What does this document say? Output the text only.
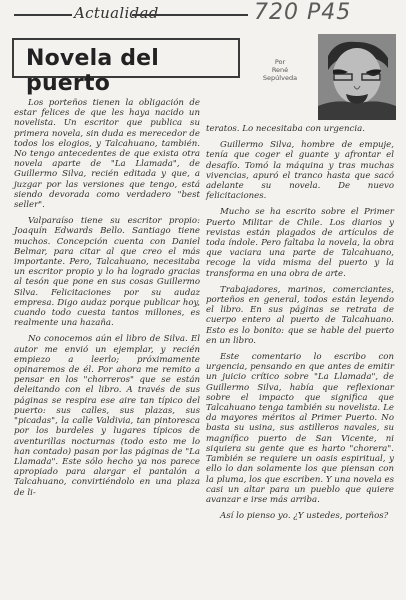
Actualidad	720 P45
Novela del puerto
Por
René
Sepúlveda

Los porteños tienen la obligación de estar felices de que les haya nacido un novelista. Un escritor que publica su primera novela, sin duda es merecedor de todos los elogios, y Talcahuano, también. No tengo antecedentes de que exista otra novela aparte de "La Llamada", de Guillermo Silva, recién editada y que, a juzgar por las versiones que tengo, está siendo devorada como verdadero "best seller".

Valparaíso tiene su escritor propio: Joaquín Edwards Bello. Santiago tiene muchos. Concepción cuenta con Daniel Belmar, para citar al que creo el más importante. Pero, Talcahuano, necesitaba un escritor propio y lo ha logrado gracias al tesón que pone en sus cosas Guillermo Silva. Felicitaciones por su audaz empresa. Digo audaz porque publicar hoy, cuando todo cuesta tantos millones, es realmente una hazaña.

No conocemos aún el libro de Silva. El autor me envió un ejemplar, y recién empiezo a leerlo; próximamente opinaremos de él. Por ahora me remito a pensar en los "chorreros" que se están deleitando con el libro. A través de sus páginas se respira ese aire tan típico del puerto: sus calles, sus plazas, sus "picadas", la calle Valdivia, tan pintoresca por los burdeles y lugares típicos de aventurillas nocturnas (todo esto me lo han contado) pasan por las páginas de "La Llamada". Este sólo hecho ya nos parece apropiado para alargar el pantalón a Talcahuano, convirtiéndolo en una plaza de li-

teratos. Lo necesitaba con urgencia.

Guillermo Silva, hombre de empuje, tenía que coger el guante y afrontar el desafío. Tomó la máquina y tras muchas vivencias, apuró el tranco hasta que sacó adelante su novela. De nuevo felicitaciones.

Mucho se ha escrito sobre el Primer Puerto Militar de Chile. Los diarios y revistas están plagados de artículos de toda índole. Pero faltaba la novela, la obra que vaciara una parte de Talcahuano, recoge la vida misma del puerto y la transforma en una obra de arte.

Trabajadores, marinos, comerciantes, porteños en general, todos están leyendo el libro. En sus páginas se retrata de cuerpo entero al puerto de Talcahuano. Esto es lo bonito: que se hable del puerto en un libro.

Este comentario lo escribo con urgencia, pensando en que antes de emitir un juicio crítico sobre "La Llamada", de Guillermo Silva, había que reflexionar sobre el impacto que significa que Talcahuano tenga también su novelista. Le da mayores méritos al Primer Puerto. No basta su usina, sus astilleros navales, su magnífico puerto de San Vicente, ni siquiera su gente que es harto "chorera". También se requiere un oasis espiritual, y ello lo dan solamente los que piensan con la pluma, los que escriben. Y una novela es casi un altar para un pueblo que quiere avanzar e irse más arriba.

Así lo pienso yo. ¿Y ustedes, porteños?
